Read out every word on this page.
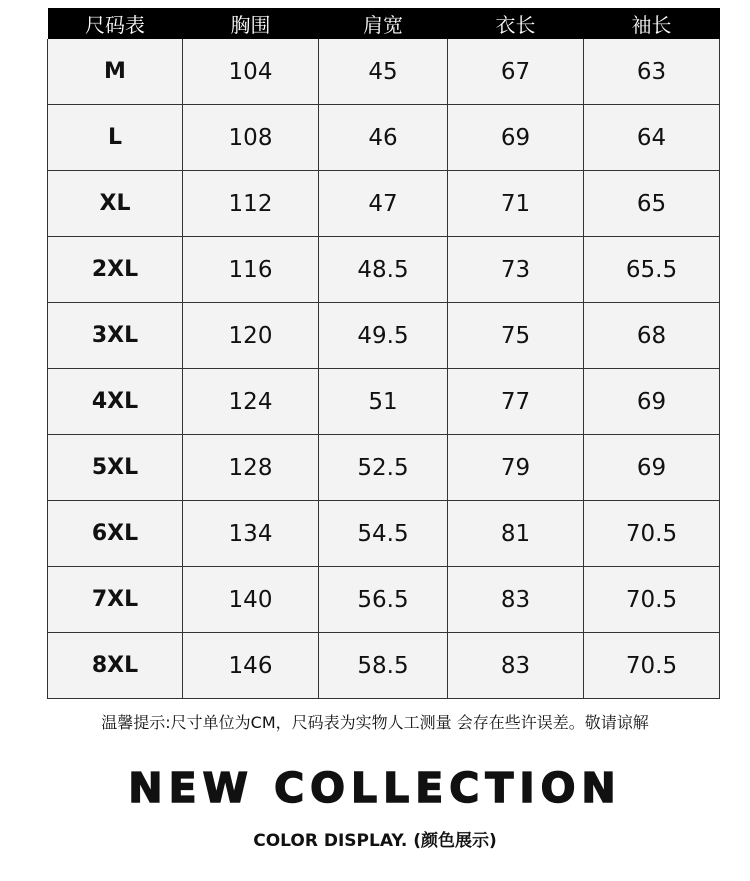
尺码表	胸围	肩宽	衣长	袖长
M	104	45	67	63
L	108	46	69	64
XL	112	47	71	65
2XL	116	48.5	73	65.5
3XL	120	49.5	75	68
4XL	124	51	77	69
5XL	128	52.5	79	69
6XL	134	54.5	81	70.5
7XL	140	56.5	83	70.5
8XL	146	58.5	83	70.5
温馨提示:尺寸单位为CM，尺码表为实物人工测量 会存在些许误差。敬请谅解
NEW COLLECTION
COLOR DISPLAY. (颜色展示)
